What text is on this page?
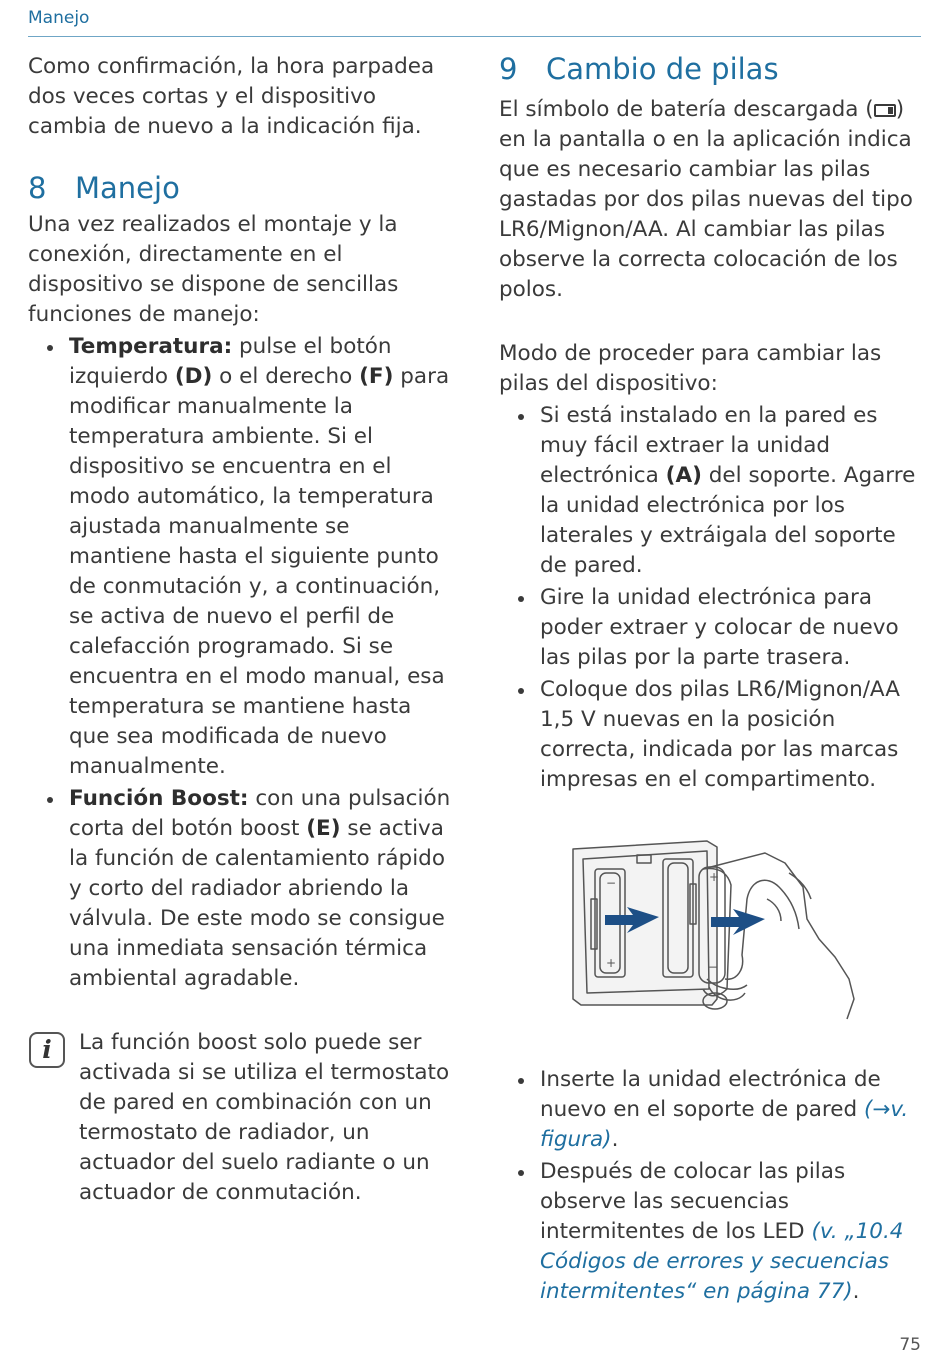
Manejo

Como confirmación, la hora parpadea dos veces cortas y el dispositivo cambia de nuevo a la indicación fija.

8 Manejo

Una vez realizados el montaje y la conexión, directamente en el dispositivo se dispone de sencillas funciones de manejo:

Temperatura: pulse el botón izquierdo (D) o el derecho (F) para modificar manualmente la temperatura ambiente. Si el dispositivo se encuentra en el modo automático, la temperatura ajustada manualmente se mantiene hasta el siguiente punto de conmutación y, a continuación, se activa de nuevo el perfil de calefacción programado. Si se encuentra en el modo manual, esa temperatura se mantiene hasta que sea modificada de nuevo manualmente.
Función Boost: con una pulsación corta del botón boost (E) se activa la función de calentamiento rápido y corto del radiador abriendo la válvula. De este modo se consigue una inmediata sensación térmica ambiental agradable.
i	La función boost solo puede ser activada si se utiliza el termostato de pared en combinación con un termostato de radiador, un actuador del suelo radiante o un actuador de conmutación.

9 Cambio de pilas

El símbolo de batería descargada ( ) en la pantalla o en la aplicación indica que es necesario cambiar las pilas gastadas por dos pilas nuevas del tipo LR6/Mignon/AA. Al cambiar las pilas observe la correcta colocación de los polos.

Modo de proceder para cambiar las pilas del dispositivo:

Si está instalado en la pared es muy fácil extraer la unidad electrónica (A) del soporte. Agarre la unidad electrónica por los laterales y extráigala del soporte de pared.
Gire la unidad electrónica para poder extraer y colocar de nuevo las pilas por la parte trasera.
Coloque dos pilas LR6/Mignon/AA 1,5 V nuevas en la posición correcta, indicada por las marcas impresas en el compartimento.
−
+
+
−
Inserte la unidad electrónica de nuevo en el soporte de pared (→v. figura).
Después de colocar las pilas observe las secuencias intermitentes de los LED (v. „10.4 Códigos de errores y secuencias intermitentes“ en página 77).
75
